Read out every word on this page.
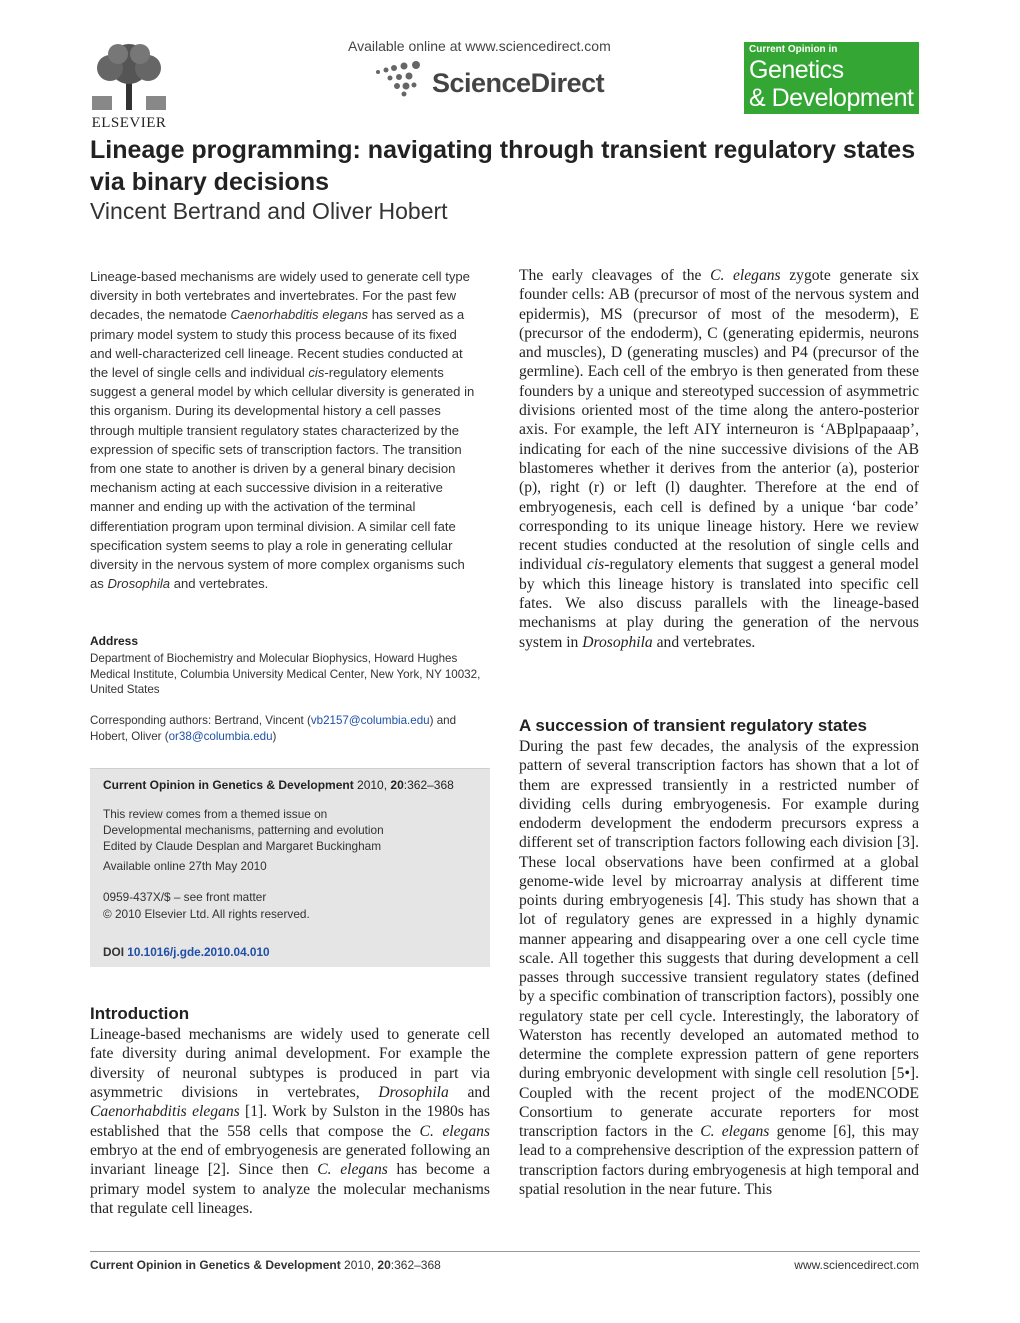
ELSEVIER
Available online at www.sciencedirect.com
ScienceDirect
Current Opinion in
Genetics
& Development
Lineage programming: navigating through transient regulatory states via binary decisions
Vincent Bertrand and Oliver Hobert
Lineage-based mechanisms are widely used to generate cell type diversity in both vertebrates and invertebrates. For the past few decades, the nematode Caenorhabditis elegans has served as a primary model system to study this process because of its fixed and well-characterized cell lineage. Recent studies conducted at the level of single cells and individual cis-regulatory elements suggest a general model by which cellular diversity is generated in this organism. During its developmental history a cell passes through multiple transient regulatory states characterized by the expression of specific sets of transcription factors. The transition from one state to another is driven by a general binary decision mechanism acting at each successive division in a reiterative manner and ending up with the activation of the terminal differentiation program upon terminal division. A similar cell fate specification system seems to play a role in generating cellular diversity in the nervous system of more complex organisms such as Drosophila and vertebrates.
Address
Department of Biochemistry and Molecular Biophysics, Howard Hughes Medical Institute, Columbia University Medical Center, New York, NY 10032, United States
Corresponding authors: Bertrand, Vincent (vb2157@columbia.edu) and Hobert, Oliver (or38@columbia.edu)
Current Opinion in Genetics & Development 2010, 20:362–368
This review comes from a themed issue on
Developmental mechanisms, patterning and evolution
Edited by Claude Desplan and Margaret Buckingham
Available online 27th May 2010
0959-437X/$ – see front matter
© 2010 Elsevier Ltd. All rights reserved.
DOI 10.1016/j.gde.2010.04.010
Introduction
Lineage-based mechanisms are widely used to generate cell fate diversity during animal development. For example the diversity of neuronal subtypes is produced in part via asymmetric divisions in vertebrates, Drosophila and Caenorhabditis elegans [1]. Work by Sulston in the 1980s has established that the 558 cells that compose the C. elegans embryo at the end of embryogenesis are generated following an invariant lineage [2]. Since then C. elegans has become a primary model system to analyze the molecular mechanisms that regulate cell lineages.
The early cleavages of the C. elegans zygote generate six founder cells: AB (precursor of most of the nervous system and epidermis), MS (precursor of most of the mesoderm), E (precursor of the endoderm), C (generating epidermis, neurons and muscles), D (generating muscles) and P4 (precursor of the germline). Each cell of the embryo is then generated from these founders by a unique and stereotyped succession of asymmetric divisions oriented most of the time along the antero-posterior axis. For example, the left AIY interneuron is ‘ABplpapaaap’, indicating for each of the nine successive divisions of the AB blastomeres whether it derives from the anterior (a), posterior (p), right (r) or left (l) daughter. Therefore at the end of embryogenesis, each cell is defined by a unique ‘bar code’ corresponding to its unique lineage history. Here we review recent studies conducted at the resolution of single cells and individual cis-regulatory elements that suggest a general model by which this lineage history is translated into specific cell fates. We also discuss parallels with the lineage-based mechanisms at play during the generation of the nervous system in Drosophila and vertebrates.
A succession of transient regulatory states
During the past few decades, the analysis of the expression pattern of several transcription factors has shown that a lot of them are expressed transiently in a restricted number of dividing cells during embryogenesis. For example during endoderm development the endoderm precursors express a different set of transcription factors following each division [3]. These local observations have been confirmed at a global genome-wide level by microarray analysis at different time points during embryogenesis [4]. This study has shown that a lot of regulatory genes are expressed in a highly dynamic manner appearing and disappearing over a one cell cycle time scale. All together this suggests that during development a cell passes through successive transient regulatory states (defined by a specific combination of transcription factors), possibly one regulatory state per cell cycle. Interestingly, the laboratory of Waterston has recently developed an automated method to determine the complete expression pattern of gene reporters during embryonic development with single cell resolution [5•]. Coupled with the recent project of the modENCODE Consortium to generate accurate reporters for most transcription factors in the C. elegans genome [6], this may lead to a comprehensive description of the expression pattern of transcription factors during embryogenesis at high temporal and spatial resolution in the near future. This
Current Opinion in Genetics & Development 2010, 20:362–368	www.sciencedirect.com
